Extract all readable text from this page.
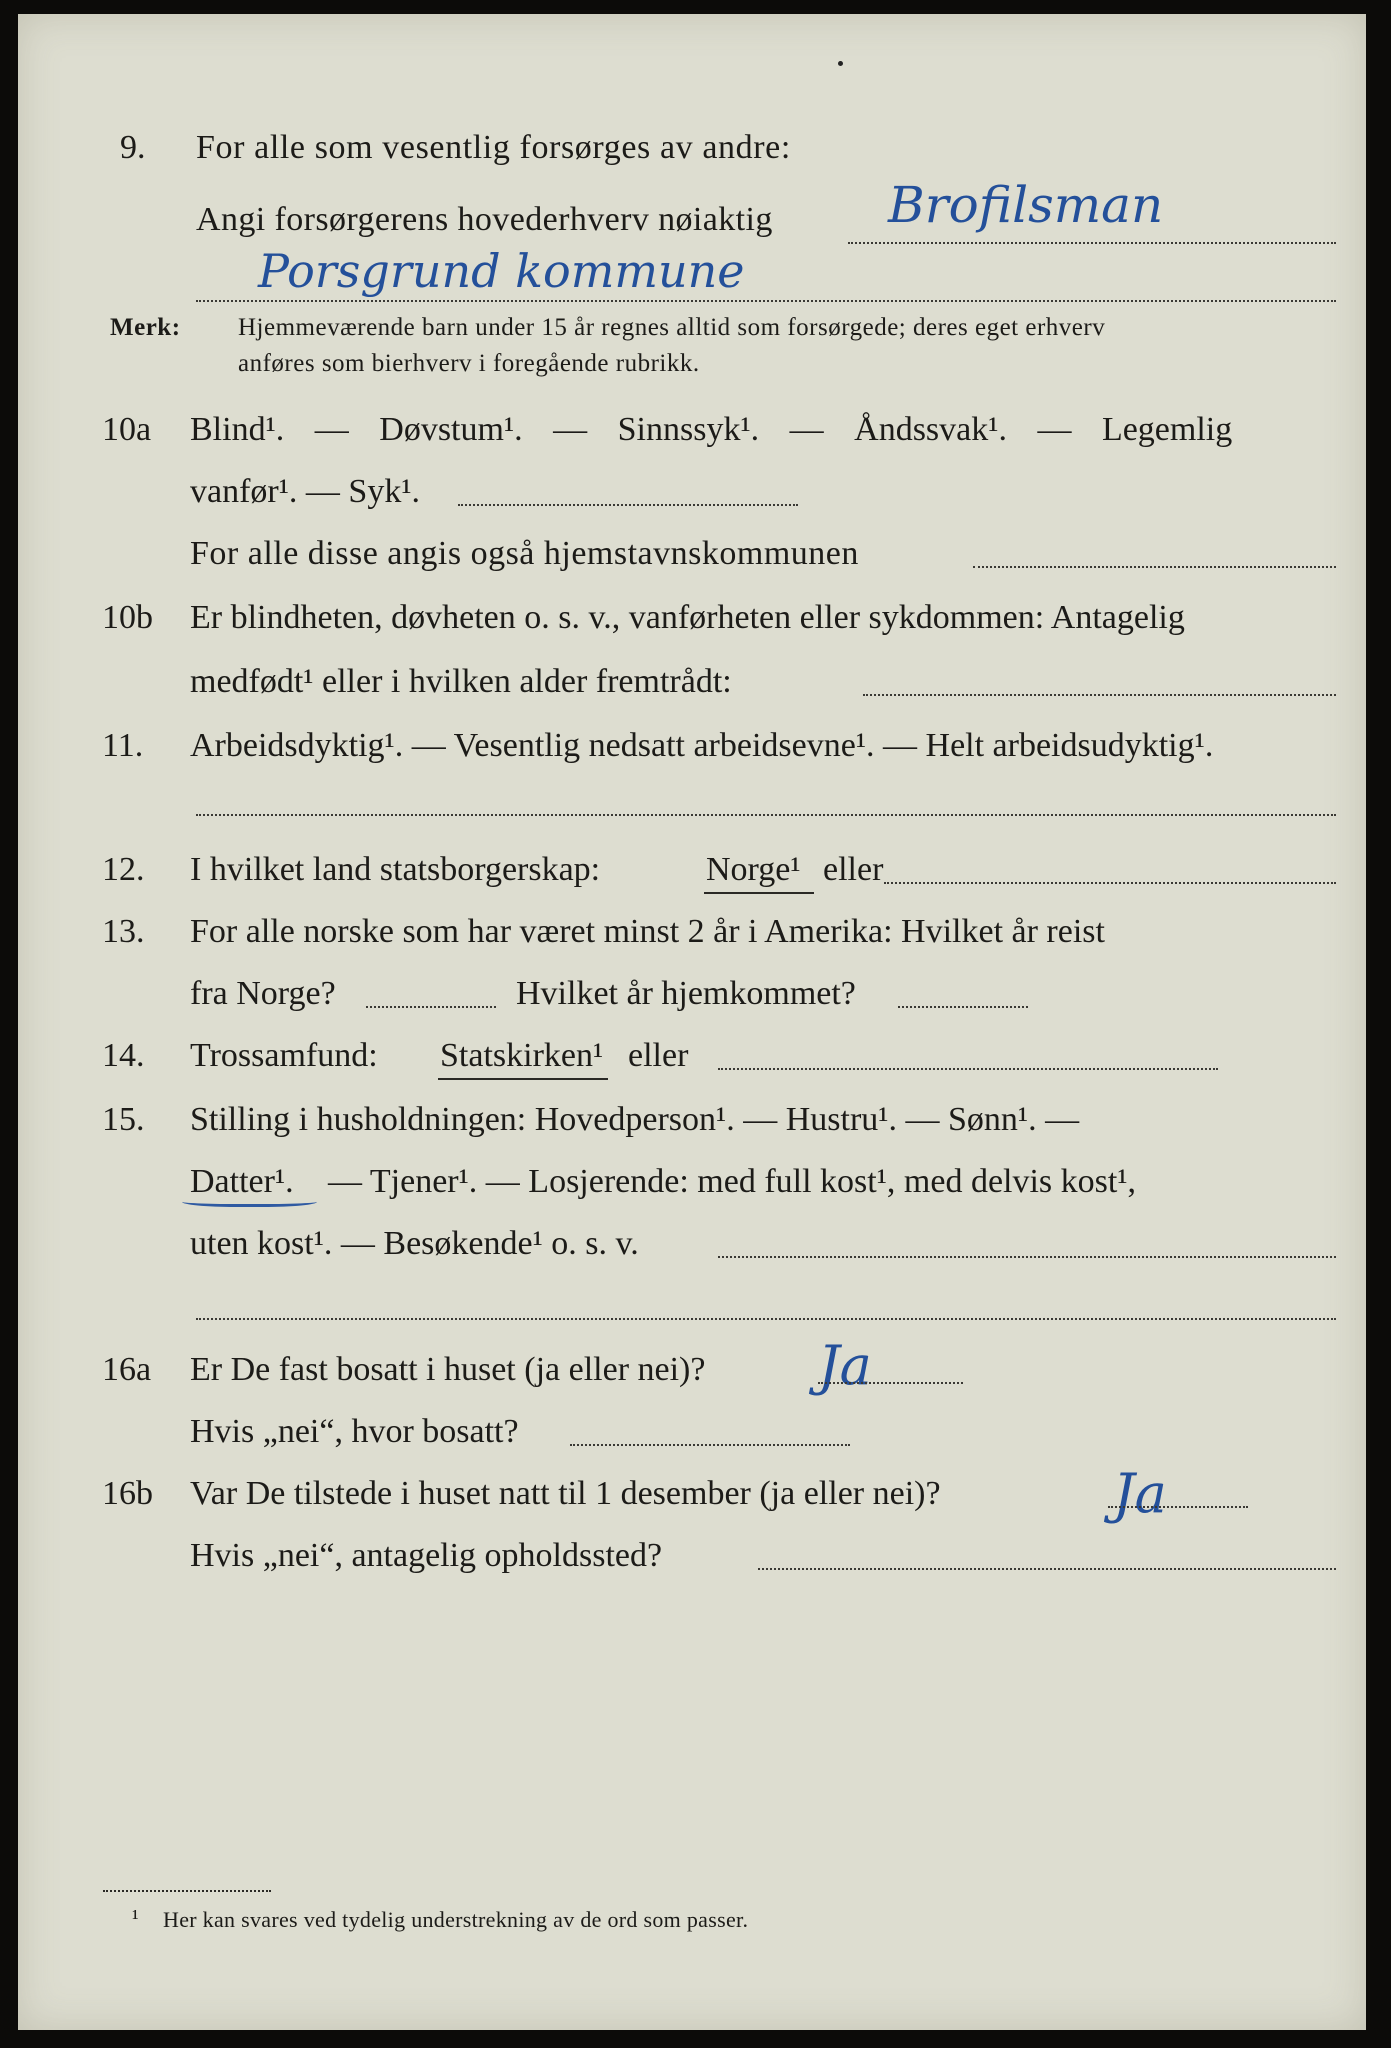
9. For alle som vesentlig forsørges av andre:
Angi forsørgerens hovederhverv nøiaktig Brofilsman
Porsgrund kommune
Merk: Hjemmeværende barn under 15 år regnes alltid som forsørgede; deres eget erhverv
anføres som bierhverv i foregående rubrikk.
10a Blind¹. — Døvstum¹. — Sinnssyk¹. — Åndssvak¹. — Legemlig
vanfør¹. — Syk¹.
For alle disse angis også hjemstavnskommunen
10b Er blindheten, døvheten o. s. v., vanførheten eller sykdommen: Antagelig
medfødt¹ eller i hvilken alder fremtrådt:
11. Arbeidsdyktig¹. — Vesentlig nedsatt arbeidsevne¹. — Helt arbeidsudyktig¹.
12. I hvilket land statsborgerskap:	Norge¹ eller
13. For alle norske som har været minst 2 år i Amerika: Hvilket år reist
fra Norge?	Hvilket år hjemkommet?
14. Trossamfund: Statskirken¹ eller
15. Stilling i husholdningen: Hovedperson¹. — Hustru¹. — Sønn¹. —
Datter¹. — Tjener¹. — Losjerende: med full kost¹, med delvis kost¹,
uten kost¹. — Besøkende¹ o. s. v.
16a Er De fast bosatt i huset (ja eller nei)? Ja
Hvis „nei“, hvor bosatt?
16b Var De tilstede i huset natt til 1 desember (ja eller nei)?	Ja
Hvis „nei“, antagelig opholdssted?
¹ Her kan svares ved tydelig understrekning av de ord som passer.
